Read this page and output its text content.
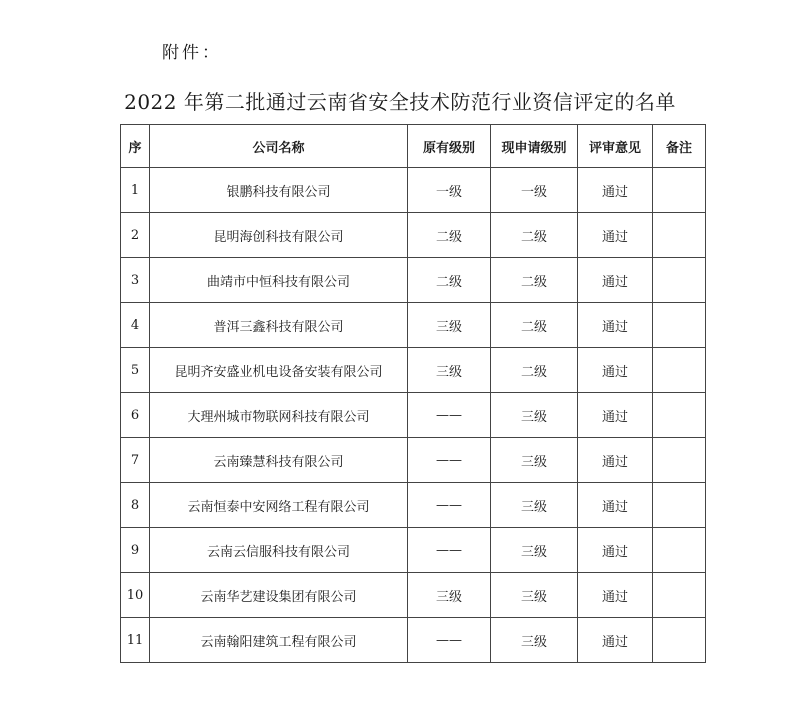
附件：
2022 年第二批通过云南省安全技术防范行业资信评定的名单
序	公司名称	原有级别	现申请级别	评审意见	备注
1	银鹏科技有限公司	一级	一级	通过	
2	昆明海创科技有限公司	二级	二级	通过	
3	曲靖市中恒科技有限公司	二级	二级	通过	
4	普洱三鑫科技有限公司	三级	二级	通过	
5	昆明齐安盛业机电设备安装有限公司	三级	二级	通过	
6	大理州城市物联网科技有限公司	——	三级	通过	
7	云南臻慧科技有限公司	——	三级	通过	
8	云南恒泰中安网络工程有限公司	——	三级	通过	
9	云南云信服科技有限公司	——	三级	通过	
10	云南华艺建设集团有限公司	三级	三级	通过	
11	云南翰阳建筑工程有限公司	——	三级	通过	
